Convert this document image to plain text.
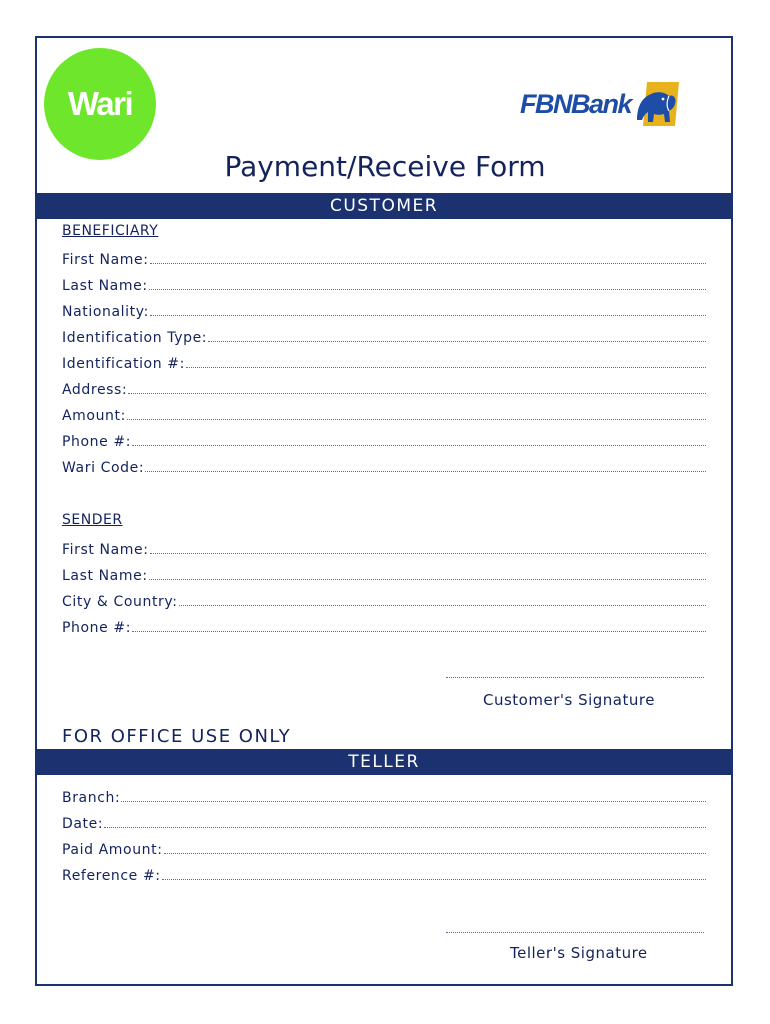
Wari	FBNBank
Payment/Receive Form
CUSTOMER
BENEFICIARY
First Name:
Last Name:
Nationality:
Identification Type:
Identification #:
Address:
Amount:
Phone #:
Wari Code:
SENDER
First Name:
Last Name:
City & Country:
Phone #:
Customer's Signature
FOR OFFICE USE ONLY
TELLER
Branch:
Date:
Paid Amount:
Reference #:
Teller's Signature
